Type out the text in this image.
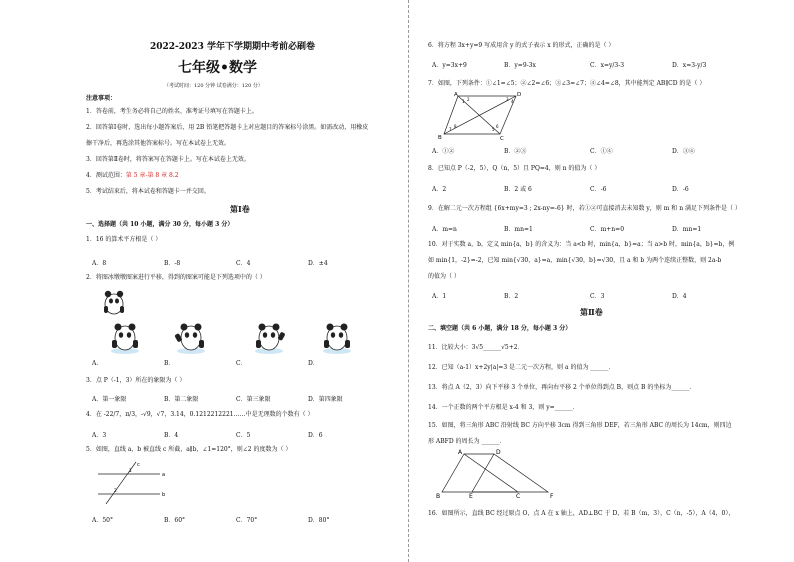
2022-2023 学年下学期期中考前必刷卷
七年级•数学
（考试时间：120 分钟 试卷满分：120 分）
注意事项：
1．答卷前，考生务必将自己的姓名、准考证号填写在答题卡上。
2．回答第Ⅰ卷时，选出每小题答案后，用 2B 铅笔把答题卡上对应题目的答案标号涂黑。如需改动，用橡皮
擦干净后，再选涂其他答案标号。写在本试卷上无效。
3．回答第Ⅱ卷时，将答案写在答题卡上。写在本试卷上无效。
4．测试范围：第 5 章-第 8 章 8.2
5．考试结束后，将本试卷和答题卡一并交回。
第Ⅰ卷
一、选择题（共 10 小题，满分 30 分，每小题 3 分）
1．16 的算术平方根是（ ）
A．8	B．-8	C．4	D．±4
2．将图冰墩墩图案进行平移，得到的图案可能是下列选项中的（ ）
A．	B．	C．	D．
3．点 P（-1，3）所在的象限为（ ）
A．第一象限	B．第二象限	C．第三象限	D．第四象限
4．在 -22/7，π/3，-√9，√7，3.14，0.1212212221……中是无理数的个数有（ ）
A．3	B．4	C．5	D．6
5．如图，直线 a，b 被直线 c 所截，a∥b，∠1=120°，则∠2 的度数为（ ）
a
b
c
1
2
A．50°	B．60°	C．70°	D．80°
6．将方程 3x+y=9 写成用含 y 的式子表示 x 的形式，正确的是（ ）
A．y=3x+9	B．y=9-3x	C．x=y/3-3	D．x=3-y/3
7．如图，下列条件：①∠1=∠5；②∠2=∠6；③∠3=∠7；④∠4=∠8，其中能判定 AB∥CD 的是（ ）
A	D
B	C
1 2	3 4
5
6
7
8
A．①②	B．②③	C．①④	D．③④
8．已知点 P（-2，5），Q（n，5）且 PQ=4，则 n 的值为（ ）
A．2	B．2 或 6	C．-6	D．-6
9．在解二元一次方程组 {6x+my=3 ; 2x-ny=-6} 时，若①②可直接消去未知数 y，则 m 和 n 满足下列条件是（ ）
A．m=n	B．mn=1	C．m+n=0	D．mn=1
10．对于实数 a，b，定义 min{a，b} 的含义为：当 a<b 时，min{a，b}=a；当 a>b 时，min{a，b}=b，例
如 min{1，-2}=-2，已知 min{√30，a}=a，min{√30，b}=√30，且 a 和 b 为两个连续正整数，则 2a-b
的值为（ ）
A．1	B．2	C．3	D．4
第Ⅱ卷
二、填空题（共 6 小题，满分 18 分，每小题 3 分）
11．比较大小：3√5______√5+2．
12．已知（a-1）x+2y|a|=3 是二元一次方程，则 a 的值为 ______．
13．将点 A（2，3）向下平移 3 个单位，再向右平移 2 个单位得到点 B，则点 B 的坐标为______．
14．一个正数的两个平方根是 x-4 和 3，则 y=______．
15．如图，将三角形 ABC 沿射线 BC 方向平移 3cm 得到三角形 DEF，若三角形 ABC 的周长为 14cm，则四边
形 ABFD 的周长为 ______．
A	D
B	E	C	F
16．如图所示，直线 BC 经过原点 O，点 A 在 x 轴上，AD⊥BC 于 D，若 B（m，3），C（n，-5），A（4，0），
